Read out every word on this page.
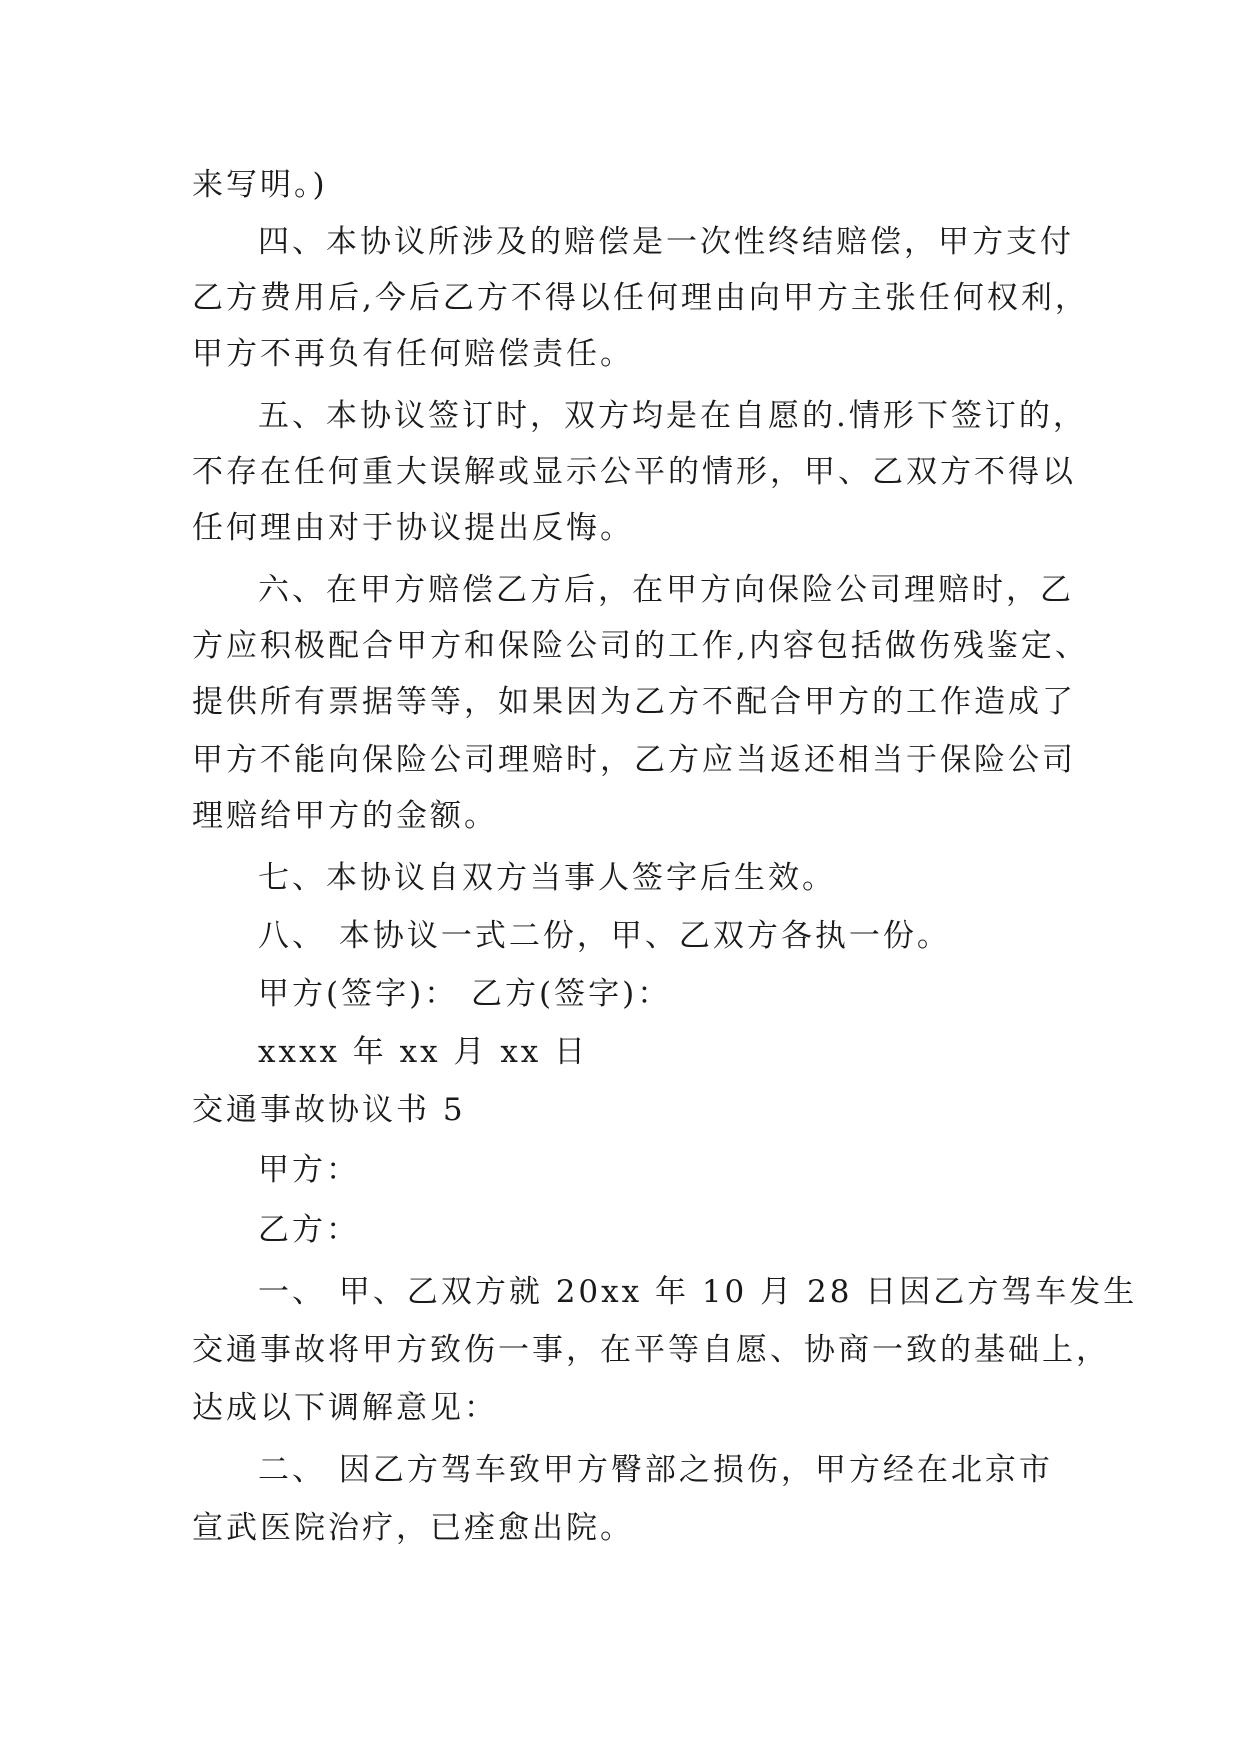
来写明。)
四、本协议所涉及的赔偿是一次性终结赔偿，甲方支付
乙方费用后,今后乙方不得以任何理由向甲方主张任何权利，
甲方不再负有任何赔偿责任。
五、本协议签订时，双方均是在自愿的.情形下签订的，
不存在任何重大误解或显示公平的情形，甲、乙双方不得以
任何理由对于协议提出反悔。
六、在甲方赔偿乙方后，在甲方向保险公司理赔时，乙
方应积极配合甲方和保险公司的工作,内容包括做伤残鉴定、
提供所有票据等等，如果因为乙方不配合甲方的工作造成了
甲方不能向保险公司理赔时，乙方应当返还相当于保险公司
理赔给甲方的金额。
七、本协议自双方当事人签字后生效。
八、 本协议一式二份，甲、乙双方各执一份。
甲方(签字)： 乙方(签字)：
xxxx 年 xx 月 xx 日
交通事故协议书 5
甲方：
乙方：
一、 甲、乙双方就 20xx 年 10 月 28 日因乙方驾车发生
交通事故将甲方致伤一事，在平等自愿、协商一致的基础上，
达成以下调解意见：
二、 因乙方驾车致甲方臀部之损伤，甲方经在北京市
宣武医院治疗，已痊愈出院。
